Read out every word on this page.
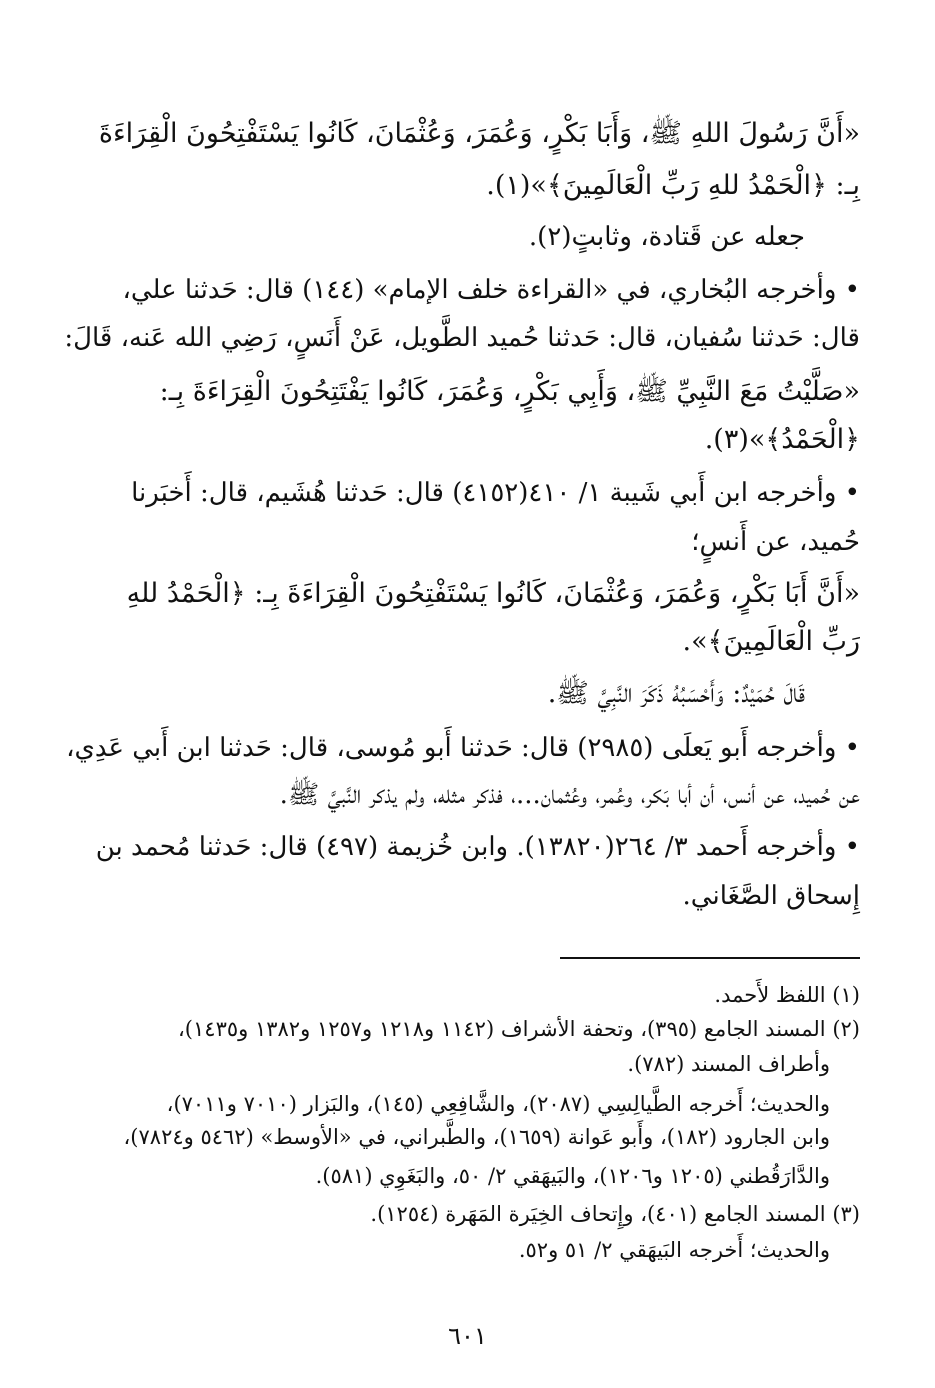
«أَنَّ رَسُولَ اللهِ ﷺ، وَأَبَا بَكْرٍ، وَعُمَرَ، وَعُثْمَانَ، كَانُوا يَسْتَفْتِحُونَ الْقِرَاءَةَ
بِـ: ﴿الْحَمْدُ للهِ رَبِّ الْعَالَمِينَ﴾»(١).
جعله عن قَتادة، وثابتٍ(٢).
• وأخرجه البُخاري، في «القراءة خلف الإمام» (١٤٤) قال: حَدثنا علي،
قال: حَدثنا سُفيان، قال: حَدثنا حُميد الطَّويل، عَنْ أَنَسٍ، رَضِي الله عَنه، قَالَ:
«صَلَّيْتُ مَعَ النَّبِيِّ ﷺ، وَأَبِي بَكْرٍ، وَعُمَرَ، كَانُوا يَفْتَتِحُونَ الْقِرَاءَةَ بِـ:
﴿الْحَمْدُ﴾»(٣).
• وأخرجه ابن أَبي شَيبة ١/ ٤١٠(٤١٥٢) قال: حَدثنا هُشَيم، قال: أَخبَرنا
حُميد، عن أَنسٍ؛
«أَنَّ أَبَا بَكْرٍ، وَعُمَرَ، وَعُثْمَانَ، كَانُوا يَسْتَفْتِحُونَ الْقِرَاءَةَ بِـ: ﴿الْحَمْدُ للهِ
رَبِّ الْعَالَمِينَ﴾».
قَالَ حُمَيْدٌ: وَأَحْسَبُهُ ذَكَرَ النَّبِيَّ ﷺ.
• وأخرجه أَبو يَعلَى (٢٩٨٥) قال: حَدثنا أَبو مُوسى، قال: حَدثنا ابن أَبي عَدِي،
عن حُميد، عن أنس، أن أبا بَكر، وعُمر، وعُثمان...، فذكر مثله، ولم يذكر النَّبيَّ ﷺ.
• وأخرجه أَحمد ٣/ ٢٦٤(١٣٨٢٠). وابن خُزيمة (٤٩٧) قال: حَدثنا مُحمد بن
إِسحاق الصَّغَاني.
(١) اللفظ لأَحمد.
(٢) المسند الجامع (٣٩٥)، وتحفة الأشراف (١١٤٢ و١٢١٨ و١٢٥٧ و١٣٨٢ و١٤٣٥)،
وأطراف المسند (٧٨٢).
والحديث؛ أَخرجه الطَّيالِسِي (٢٠٨٧)، والشَّافِعِي (١٤٥)، والبَزار (٧٠١٠ و٧٠١١)،
وابن الجارود (١٨٢)، وأَبو عَوانة (١٦٥٩)، والطَّبراني، في «الأوسط» (٥٤٦٢ و٧٨٢٤)،
والدَّارَقُطني (١٢٠٥ و١٢٠٦)، والبَيهَقي ٢/ ٥٠، والبَغَوِي (٥٨١).
(٣) المسند الجامع (٤٠١)، وإِتحاف الخِيَرة المَهَرة (١٢٥٤).
والحديث؛ أَخرجه البَيهَقي ٢/ ٥١ و٥٢.
٦٠١
